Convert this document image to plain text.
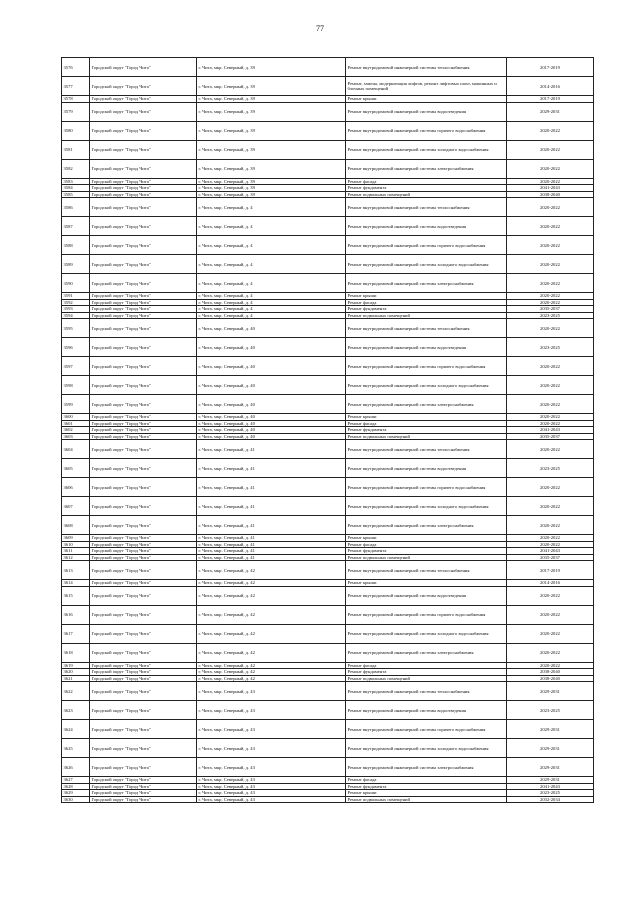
77
3576	Городской округ "Город Чита"	г. Чита, мкр. Северный, д. 39	Ремонт внутридомовой инженерной системы теплоснабжения	2017-2019
3577	Городской округ "Город Чита"	г. Чита, мкр. Северный, д. 39	Ремонт, замена, модернизация лифтов, ремонт лифтовых шахт, машинных и блочных помещений	2014-2016
3578	Городской округ "Город Чита"	г. Чита, мкр. Северный, д. 39	Ремонт крыши	2017-2019
3579	Городской округ "Город Чита"	г. Чита, мкр. Северный, д. 39	Ремонт внутридомовой инженерной системы водоотведения	2029-2031
3580	Городской округ "Город Чита"	г. Чита, мкр. Северный, д. 39	Ремонт внутридомовой инженерной системы горячего водоснабжения	2020-2022
3581	Городской округ "Город Чита"	г. Чита, мкр. Северный, д. 39	Ремонт внутридомовой инженерной системы холодного водоснабжения	2020-2022
3582	Городской округ "Город Чита"	г. Чита, мкр. Северный, д. 39	Ремонт внутридомовой инженерной системы электроснабжения	2020-2022
3583	Городской округ "Город Чита"	г. Чита, мкр. Северный, д. 39	Ремонт фасада	2020-2022
3584	Городской округ "Город Чита"	г. Чита, мкр. Северный, д. 39	Ремонт фундамента	2041-2043
3585	Городской округ "Город Чита"	г. Чита, мкр. Северный, д. 39	Ремонт подвальных помещений	2038-2040
3586	Городской округ "Город Чита"	г. Чита, мкр. Северный, д. 4	Ремонт внутридомовой инженерной системы теплоснабжения	2020-2022
3587	Городской округ "Город Чита"	г. Чита, мкр. Северный, д. 4	Ремонт внутридомовой инженерной системы водоотведения	2020-2022
3588	Городской округ "Город Чита"	г. Чита, мкр. Северный, д. 4	Ремонт внутридомовой инженерной системы горячего водоснабжения	2020-2022
3589	Городской округ "Город Чита"	г. Чита, мкр. Северный, д. 4	Ремонт внутридомовой инженерной системы холодного водоснабжения	2020-2022
3590	Городской округ "Город Чита"	г. Чита, мкр. Северный, д. 4	Ремонт внутридомовой инженерной системы электроснабжения	2020-2022
3591	Городской округ "Город Чита"	г. Чита, мкр. Северный, д. 4	Ремонт крыши	2020-2022
3592	Городской округ "Город Чита"	г. Чита, мкр. Северный, д. 4	Ремонт фасада	2020-2022
3593	Городской округ "Город Чита"	г. Чита, мкр. Северный, д. 4	Ремонт фундамента	2035-2037
3594	Городской округ "Город Чита"	г. Чита, мкр. Северный, д. 4	Ремонт подвальных помещений	2023-2025
3595	Городской округ "Город Чита"	г. Чита, мкр. Северный, д. 40	Ремонт внутридомовой инженерной системы теплоснабжения	2020-2022
3596	Городской округ "Город Чита"	г. Чита, мкр. Северный, д. 40	Ремонт внутридомовой инженерной системы водоотведения	2023-2025
3597	Городской округ "Город Чита"	г. Чита, мкр. Северный, д. 40	Ремонт внутридомовой инженерной системы горячего водоснабжения	2020-2022
3598	Городской округ "Город Чита"	г. Чита, мкр. Северный, д. 40	Ремонт внутридомовой инженерной системы холодного водоснабжения	2020-2022
3599	Городской округ "Город Чита"	г. Чита, мкр. Северный, д. 40	Ремонт внутридомовой инженерной системы электроснабжения	2020-2022
3600	Городской округ "Город Чита"	г. Чита, мкр. Северный, д. 40	Ремонт крыши	2020-2022
3601	Городской округ "Город Чита"	г. Чита, мкр. Северный, д. 40	Ремонт фасада	2020-2022
3602	Городской округ "Город Чита"	г. Чита, мкр. Северный, д. 40	Ремонт фундамента	2041-2043
3603	Городской округ "Город Чита"	г. Чита, мкр. Северный, д. 40	Ремонт подвальных помещений	2035-2037
3604	Городской округ "Город Чита"	г. Чита, мкр. Северный, д. 41	Ремонт внутридомовой инженерной системы теплоснабжения	2020-2022
3605	Городской округ "Город Чита"	г. Чита, мкр. Северный, д. 41	Ремонт внутридомовой инженерной системы водоотведения	2023-2025
3606	Городской округ "Город Чита"	г. Чита, мкр. Северный, д. 41	Ремонт внутридомовой инженерной системы горячего водоснабжения	2020-2022
3607	Городской округ "Город Чита"	г. Чита, мкр. Северный, д. 41	Ремонт внутридомовой инженерной системы холодного водоснабжения	2020-2022
3608	Городской округ "Город Чита"	г. Чита, мкр. Северный, д. 41	Ремонт внутридомовой инженерной системы электроснабжения	2020-2022
3609	Городской округ "Город Чита"	г. Чита, мкр. Северный, д. 41	Ремонт крыши	2020-2022
3610	Городской округ "Город Чита"	г. Чита, мкр. Северный, д. 41	Ремонт фасада	2020-2022
3611	Городской округ "Город Чита"	г. Чита, мкр. Северный, д. 41	Ремонт фундамента	2041-2043
3612	Городской округ "Город Чита"	г. Чита, мкр. Северный, д. 41	Ремонт подвальных помещений	2035-2037
3613	Городской округ "Город Чита"	г. Чита, мкр. Северный, д. 42	Ремонт внутридомовой инженерной системы теплоснабжения	2017-2019
3614	Городской округ "Город Чита"	г. Чита, мкр. Северный, д. 42	Ремонт крыши	2014-2016
3615	Городской округ "Город Чита"	г. Чита, мкр. Северный, д. 42	Ремонт внутридомовой инженерной системы водоотведения	2020-2022
3616	Городской округ "Город Чита"	г. Чита, мкр. Северный, д. 42	Ремонт внутридомовой инженерной системы горячего водоснабжения	2020-2022
3617	Городской округ "Город Чита"	г. Чита, мкр. Северный, д. 42	Ремонт внутридомовой инженерной системы холодного водоснабжения	2020-2022
3618	Городской округ "Город Чита"	г. Чита, мкр. Северный, д. 42	Ремонт внутридомовой инженерной системы электроснабжения	2020-2022
3619	Городской округ "Город Чита"	г. Чита, мкр. Северный, д. 42	Ремонт фасада	2020-2022
3620	Городской округ "Город Чита"	г. Чита, мкр. Северный, д. 42	Ремонт фундамента	2038-2040
3621	Городской округ "Город Чита"	г. Чита, мкр. Северный, д. 42	Ремонт подвальных помещений	2038-2040
3622	Городской округ "Город Чита"	г. Чита, мкр. Северный, д. 43	Ремонт внутридомовой инженерной системы теплоснабжения	2029-2031
3623	Городской округ "Город Чита"	г. Чита, мкр. Северный, д. 43	Ремонт внутридомовой инженерной системы водоотведения	2023-2025
3624	Городской округ "Город Чита"	г. Чита, мкр. Северный, д. 43	Ремонт внутридомовой инженерной системы горячего водоснабжения	2029-2031
3625	Городской округ "Город Чита"	г. Чита, мкр. Северный, д. 43	Ремонт внутридомовой инженерной системы холодного водоснабжения	2029-2031
3626	Городской округ "Город Чита"	г. Чита, мкр. Северный, д. 43	Ремонт внутридомовой инженерной системы электроснабжения	2029-2031
3627	Городской округ "Город Чита"	г. Чита, мкр. Северный, д. 43	Ремонт фасада	2029-2031
3628	Городской округ "Город Чита"	г. Чита, мкр. Северный, д. 43	Ремонт фундамента	2041-2043
3629	Городской округ "Город Чита"	г. Чита, мкр. Северный, д. 43	Ремонт крыши	2023-2025
3630	Городской округ "Город Чита"	г. Чита, мкр. Северный, д. 43	Ремонт подвальных помещений	2032-2034
